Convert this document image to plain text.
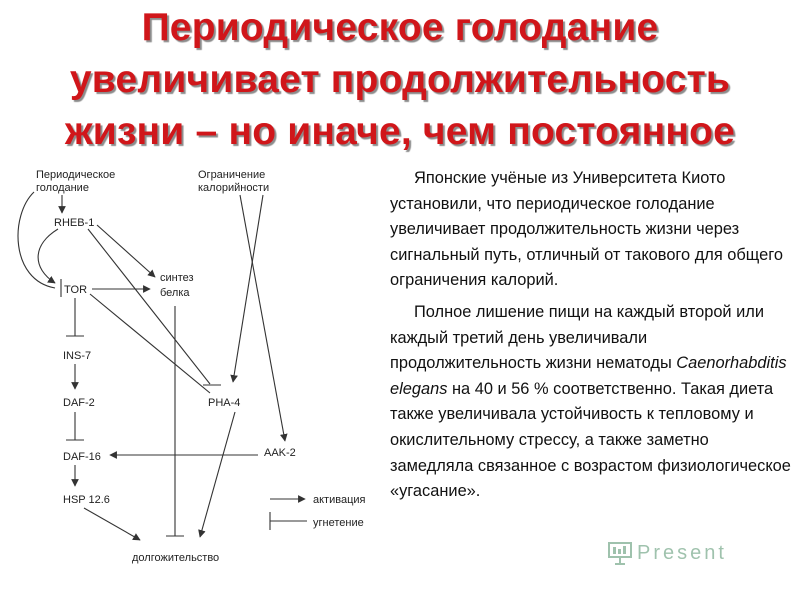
Периодическое голодание
увеличивает продолжительность
жизни – но иначе, чем постоянное
Периодическое
голодание
Ограничение
калорийности
RHEB-1
TOR
синтез
белка
INS-7
DAF-2	PHA-4
AAK-2
DAF-16
HSP 12.6
долгожительство
активация
угнетение

Японские учёные из Университета Киото установили, что периодическое голодание увеличивает продолжительность жизни через сигнальный путь, отличный от такового для общего ограничения калорий.

Полное лишение пищи на каждый второй или каждый третий день увеличивали продолжительность жизни нематоды Caenorhabditis elegans на 40 и 56 % соответственно. Такая диета также увеличивала устойчивость к тепловому и окислительному стрессу, а также заметно замедляла связанное с возрастом физиологическое «угасание».

Present
